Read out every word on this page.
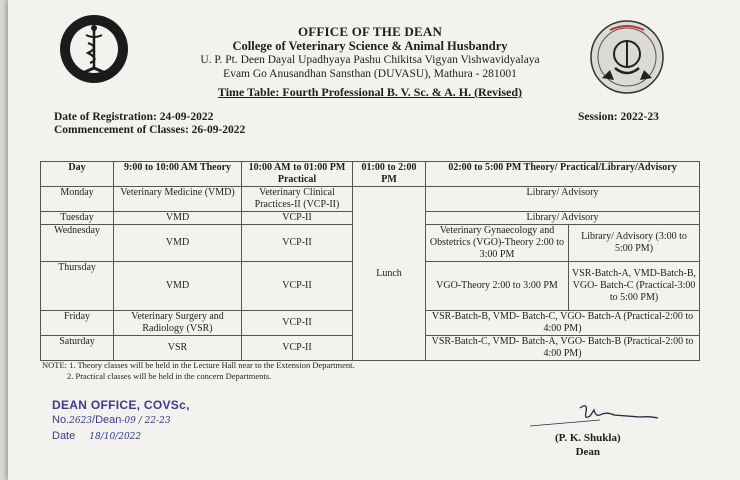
OFFICE OF THE DEAN
College of Veterinary Science & Animal Husbandry
U. P. Pt. Deen Dayal Upadhyaya Pashu Chikitsa Vigyan Vishwavidyalaya
Evam Go Anusandhan Sansthan (DUVASU), Mathura - 281001
Time Table: Fourth Professional B. V. Sc. & A. H. (Revised)
Date of Registration: 24-09-2022
Commencement of Classes: 26-09-2022
Session: 2022-23
Day	9:00 to 10:00 AM Theory	10:00 AM to 01:00 PM Practical	01:00 to 2:00 PM	02:00 to 5:00 PM Theory/ Practical/Library/Advisory	
Monday	Veterinary Medicine (VMD)	Veterinary Clinical Practices-II (VCP-II)	Lunch	Library/ Advisory	
Tuesday	VMD	VCP-II		Library/ Advisory	
Wednesday	VMD	VCP-II		Veterinary Gynaecology and Obstetrics (VGO)-Theory 2:00 to 3:00 PM	Library/ Advisory (3:00 to 5:00 PM)
Thursday	VMD	VCP-II		VGO-Theory 2:00 to 3:00 PM	VSR-Batch-A, VMD-Batch-B, VGO- Batch-C (Practical-3:00 to 5:00 PM)
Friday	Veterinary Surgery and Radiology (VSR)	VCP-II		VSR-Batch-B, VMD- Batch-C, VGO- Batch-A (Practical-2:00 to 4:00 PM)	
Saturday	VSR	VCP-II		VSR-Batch-C, VMD- Batch-A, VGO- Batch-B (Practical-2:00 to 4:00 PM)	
NOTE: 1. Theory classes will be held in the Lecture Hall near to the Extension Department.
2. Practical classes will be held in the concern Departments.
DEAN OFFICE, COVSc,
No.2623/Dean-09 / 22-23
Date 18/10/2022	(P. K. Shukla)
Dean
